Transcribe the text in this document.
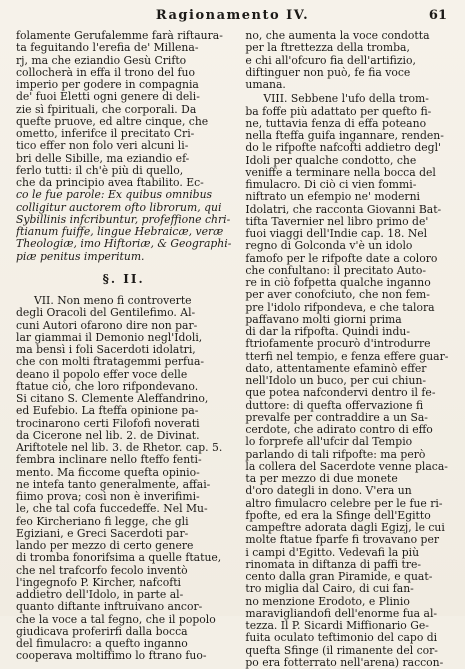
Ragionamento IV.	61
folamente Gerufalemme farà riftaura-
ta feguitando l'erefia de' Millena-
rj, ma che eziandio Gesù Crifto
collocherà in effa il trono del fuo
imperio per godere in compagnia
de' fuoi Eletti ogni genere di deli-
zie sì fpirituali, che corporali. Da
quefte pruove, ed altre cinque, che
ometto, inferifce il precitato Cri-
tico effer non folo veri alcuni li-
bri delle Sibille, ma eziandio ef-
ferlo tutti: il ch'è più di quello,
che da principio avea ftabilito. Ec-
co le fue parole: Ex quibus omnibus
colligitur auctorem ofto librorum, qui
Sybillinis infcribuntur, profeffione chri-
ftianum fuiffe, lingue Hebraicæ, veræ
Theologiæ, imo Hiftoriæ, & Geographi-
piæ penitus imperitum.
§. II.
VII. Non meno fi controverte
degli Oracoli del Gentilefimo. Al-
cuni Autori ofarono dire non par-
lar giammai il Demonio negl'Idoli,
ma bensì i foli Sacerdoti idolatri,
che con molti ftratagemmi perfua-
deano il popolo effer voce delle
ftatue ciò, che loro rifpondevano.
Si citano S. Clemente Aleffandrino,
ed Eufebio. La fteffa opinione pa-
trocinarono certi Filofofi noverati
da Cicerone nel lib. 2. de Divinat.
Ariftotele nel lib. 3. de Rhetor. cap. 5.
fembra inclinare nello fteffo fenti-
mento. Ma ficcome quefta opinio-
ne intefa tanto generalmente, affai-
fiimo prova; così non è inverifimi-
le, che tal cofa fuccedeffe. Nel Mu-
feo Kircheriano fi legge, che gli
Egiziani, e Greci Sacerdoti par-
lando per mezzo di certo genere
di tromba fonorifsima a quelle ftatue,
che nel trafcorfo fecolo inventò
l'ingegnofo P. Kircher, nafcofti
addietro dell'Idolo, in parte al-
quanto diftante inftruivano ancor-
che la voce a tal fegno, che il popolo
giudicava proferirfi dalla bocca
del fimulacro: a quefto inganno
cooperava moltiffimo lo ftrano fuo-
no, che aumenta la voce condotta
per la ftrettezza della tromba,
e chi all'ofcuro fia dell'artifizio,
diftinguer non può, fe fia voce
umana.
VIII. Sebbene l'ufo della trom-
ba foffe più adattato per quefto fi-
ne, tuttavia fenza di effa poteano
nella fteffa guifa ingannare, renden-
do le rifpofte nafcofti addietro degl'
Idoli per qualche condotto, che
veniffe a terminare nella bocca del
fimulacro. Di ciò ci vien fommi-
niftrato un efempio ne' moderni
Idolatri, che racconta Giovanni Bat-
tifta Tavernier nel libro primo de'
fuoi viaggi dell'Indie cap. 18. Nel
regno di Golconda v'è un idolo
famofo per le rifpofte date a coloro
che confultano: il precitato Auto-
re in ciò fofpetta qualche inganno
per aver conofciuto, che non fem-
pre l'idolo rifpondeva, e che talora
paffavano molti giorni prima
di dar la rifpofta. Quindi indu-
ftriofamente procurò d'introdurre
tterfi nel tempio, e fenza effere guar-
dato, attentamente efaminò effer
nell'Idolo un buco, per cui chiun-
que potea nafcondervi dentro il fe-
duttore: di quefta offervazione fi
prevalfe per contraddire a un Sa-
cerdote, che adirato contro di effo
lo forprefe all'ufcir dal Tempio
parlando di tali rifpofte: ma però
la collera del Sacerdote venne placa-
ta per mezzo di due monete
d'oro dategli in dono. V'era un
altro fimulacro celebre per le fue ri-
fpofte, ed era la Sfinge dell'Egitto
campeftre adorata dagli Egizj, le cui
molte ftatue fparfe fi trovavano per
i campi d'Egitto. Vedevafi la più
rinomata in diftanza di paffi tre-
cento dalla gran Piramide, e quat-
tro miglia dal Cairo, di cui fan-
no menzione Erodoto, e Plinio
maravigliandofi dell'enorme fua al-
tezza. Il P. Sicardi Miffionario Ge-
fuita oculato teftimonio del capo di
quefta Sfinge (il rimanente del cor-
po era fotterrato nell'arena) raccon-
